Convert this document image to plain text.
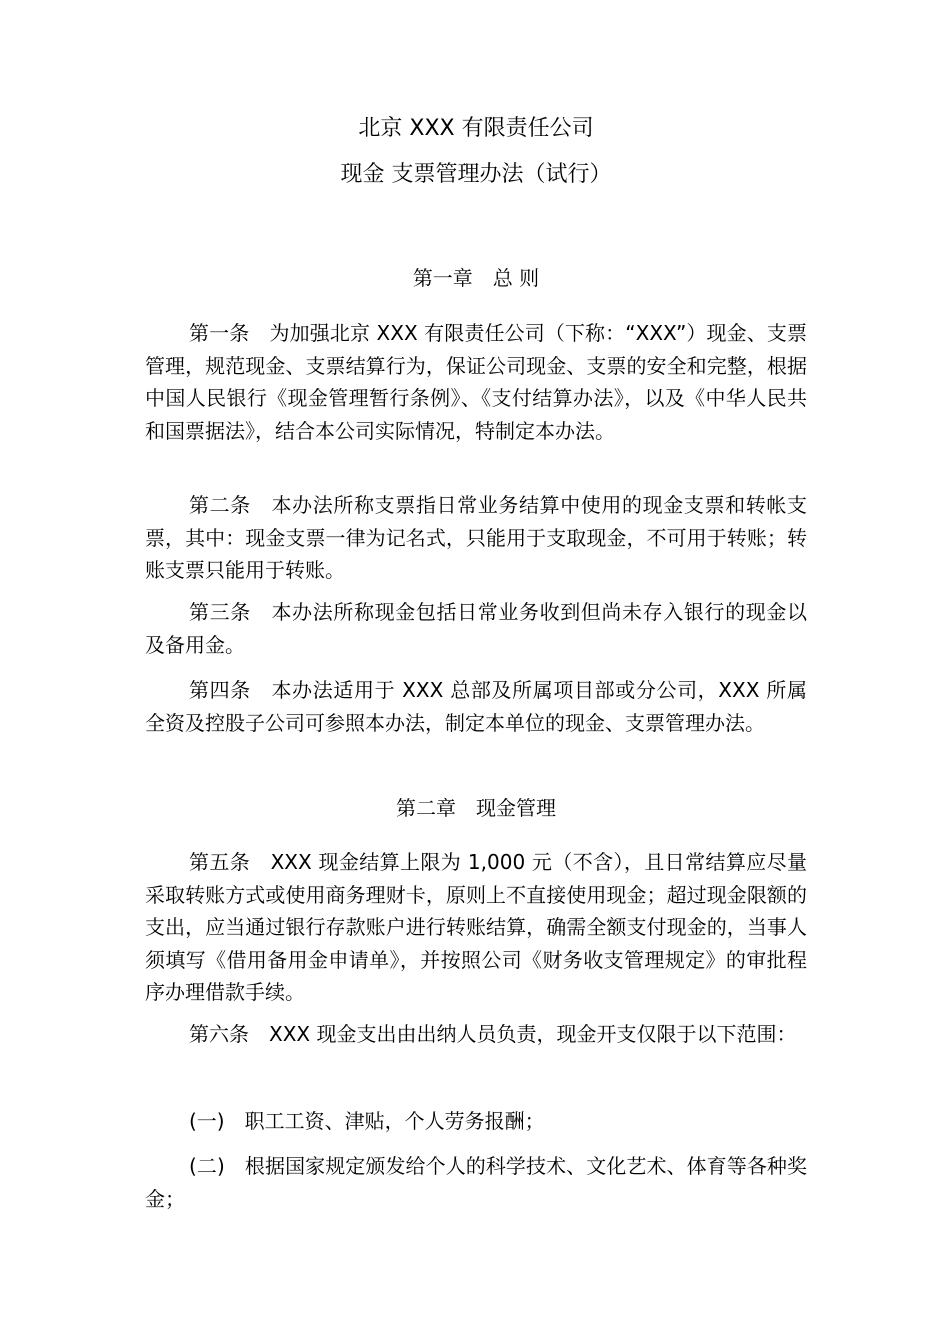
北京 XXX 有限责任公司
现金 支票管理办法（试行）
第一章　总 则
第一条　 为加强北京 XXX 有限责任公司（下称：“XXX”）现金、支票管理，规范现金、支票结算行为，保证公司现金、支票的安全和完整，根据中国人民银行《现金管理暂行条例》、《支付结算办法》，以及《中华人民共和国票据法》，结合本公司实际情况，特制定本办法。
第二条　 本办法所称支票指日常业务结算中使用的现金支票和转帐支票，其中：现金支票一律为记名式，只能用于支取现金，不可用于转账；转账支票只能用于转账。
第三条　 本办法所称现金包括日常业务收到但尚未存入银行的现金以及备用金。
第四条　 本办法适用于 XXX 总部及所属项目部或分公司，XXX 所属全资及控股子公司可参照本办法，制定本单位的现金、支票管理办法。
第二章　现金管理
第五条　 XXX 现金结算上限为 1,000 元（不含），且日常结算应尽量采取转账方式或使用商务理财卡，原则上不直接使用现金；超过现金限额的支出，应当通过银行存款账户进行转账结算，确需全额支付现金的，当事人须填写《借用备用金申请单》，并按照公司《财务收支管理规定》的审批程序办理借款手续。
第六条　 XXX 现金支出由出纳人员负责，现金开支仅限于以下范围：
(一)　 职工工资、津贴，个人劳务报酬；
(二)　 根据国家规定颁发给个人的科学技术、文化艺术、体育等各种奖金；
